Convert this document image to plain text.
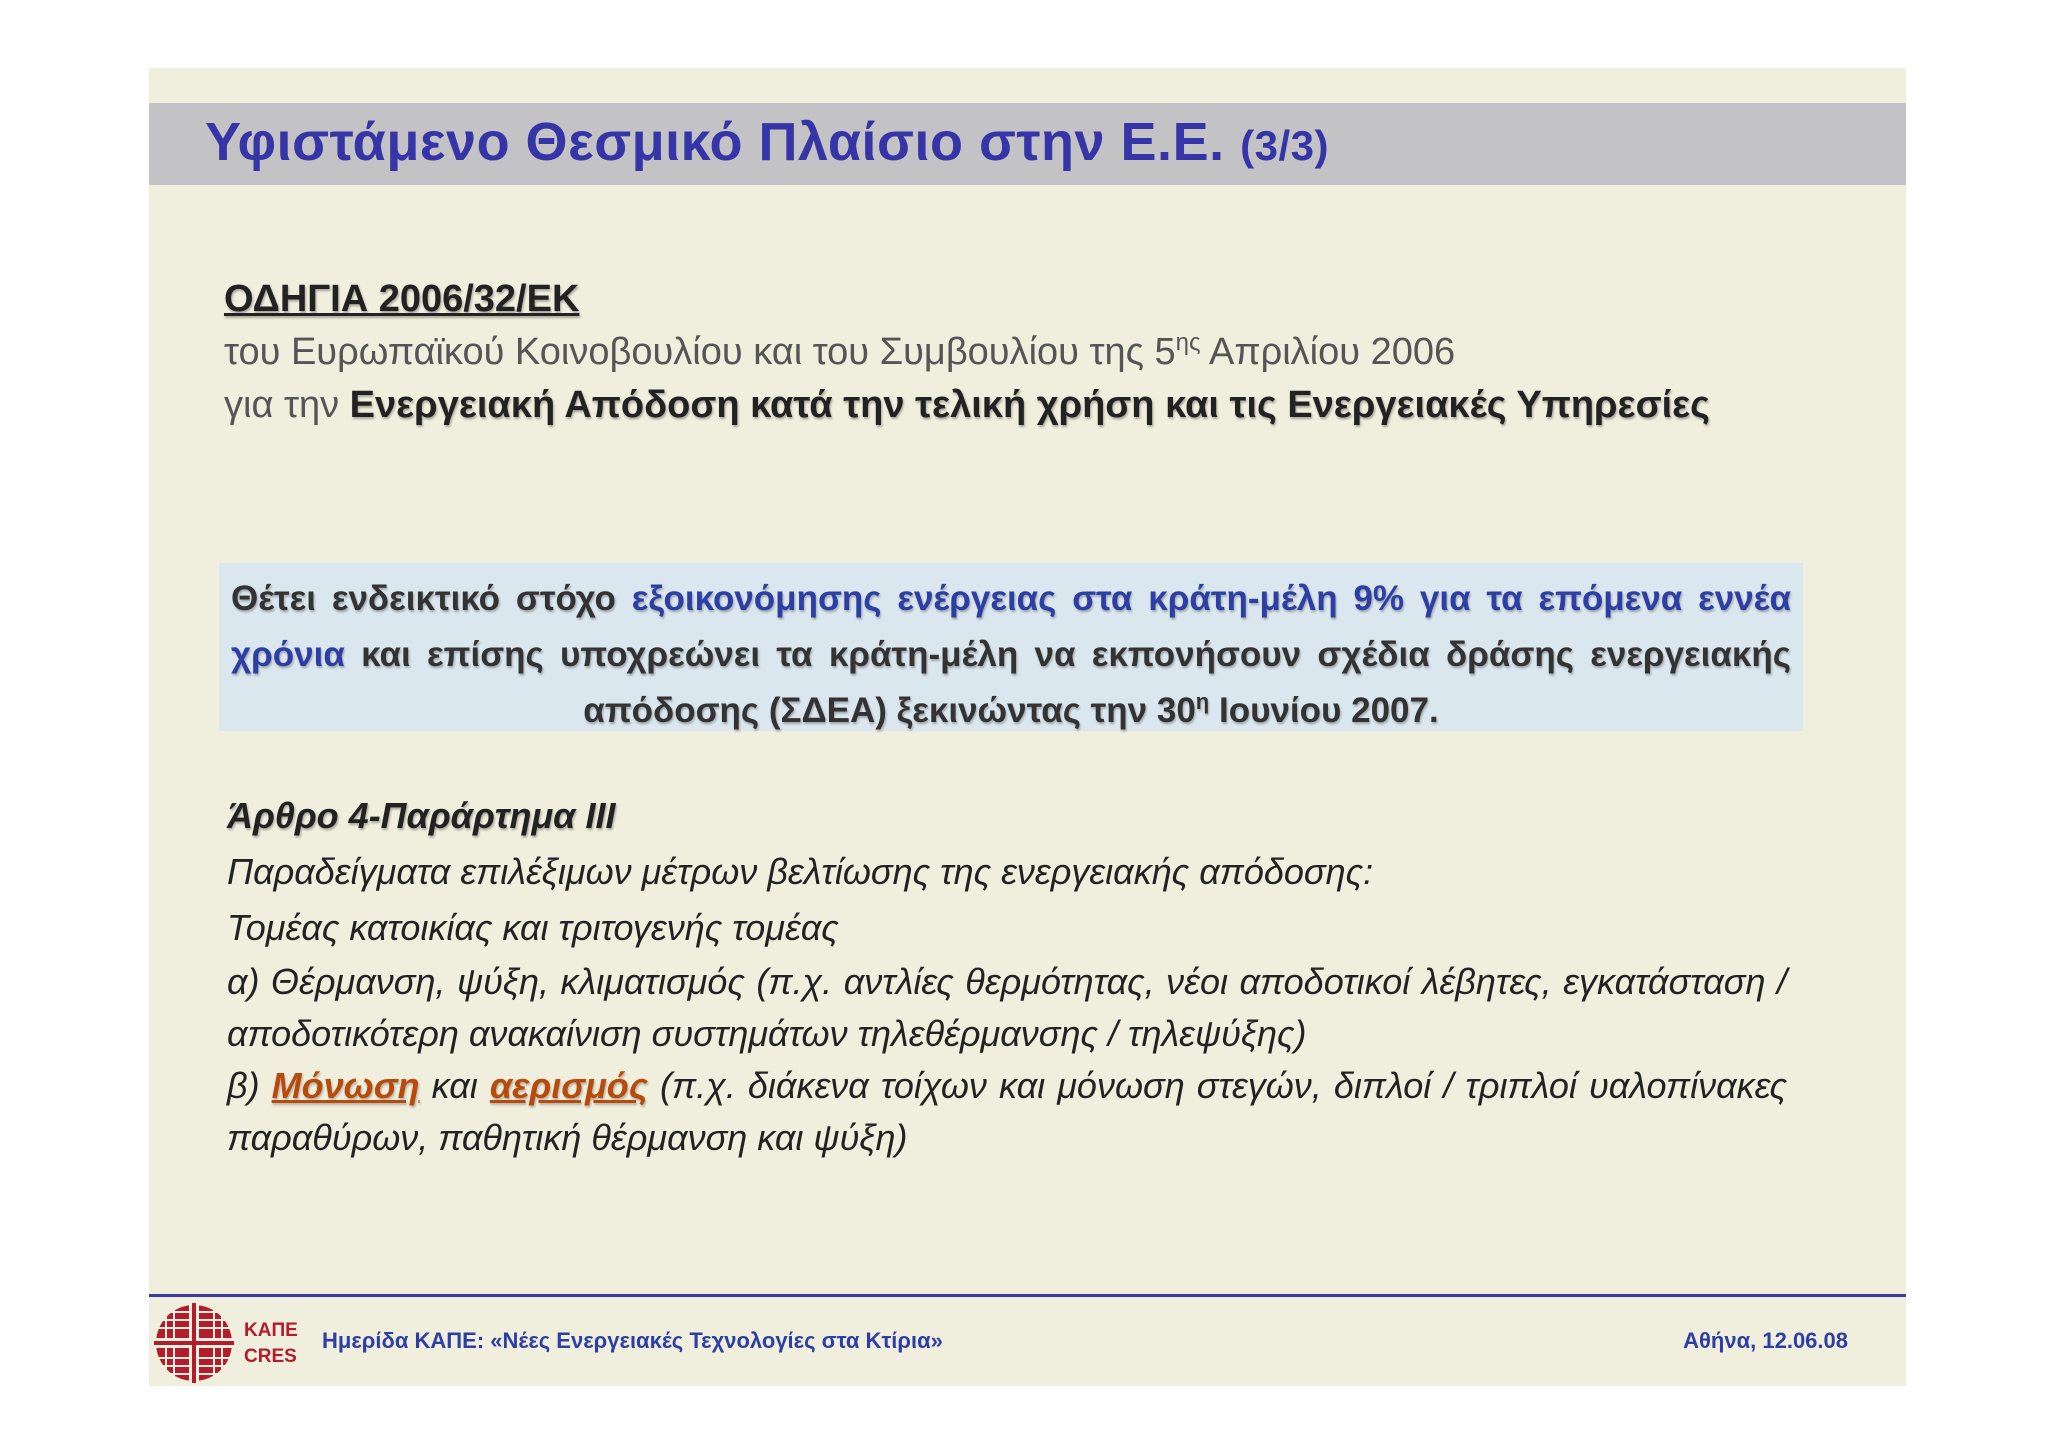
Υφιστάμενο Θεσμικό Πλαίσιο στην Ε.Ε. (3/3)
ΟΔΗΓΙΑ 2006/32/ΕΚ
του Ευρωπαϊκού Κοινοβουλίου και του Συμβουλίου της $5^{\eta\varsigma}$ Απριλίου 2006
για την Ενεργειακή Απόδοση κατά την τελική χρήση και τις Ενεργειακές Υπηρεσίες
Θέτει ενδεικτικό στόχο εξοικονόμησης ενέργειας στα κράτη-μέλη 9% για τα επόμενα εννέα χρόνια και επίσης υποχρεώνει τα κράτη-μέλη να εκπονήσουν σχέδια δράσης ενεργειακής απόδοσης (ΣΔΕΑ) ξεκινώντας την $30^\eta$ Ιουνίου 2007.

Άρθρο 4-Παράρτημα ΙΙΙ

Παραδείγματα επιλέξιμων μέτρων βελτίωσης της ενεργειακής απόδοσης:

Τομέας κατοικίας και τριτογενής τομέας

α) Θέρμανση, ψύξη, κλιματισμός (π.χ. αντλίες θερμότητας, νέοι αποδοτικοί λέβητες, εγκατάσταση / αποδοτικότερη ανακαίνιση συστημάτων τηλεθέρμανσης / τηλεψύξης)

β) Μόνωση και αερισμός (π.χ. διάκενα τοίχων και μόνωση στεγών, διπλοί / τριπλοί υαλοπίνακες παραθύρων, παθητική θέρμανση και ψύξη)

ΚΑΠΕ
CRES
Ημερίδα ΚΑΠΕ: «Νέες Ενεργειακές Τεχνολογίες στα Κτίρια»	Αθήνα, 12.06.08
